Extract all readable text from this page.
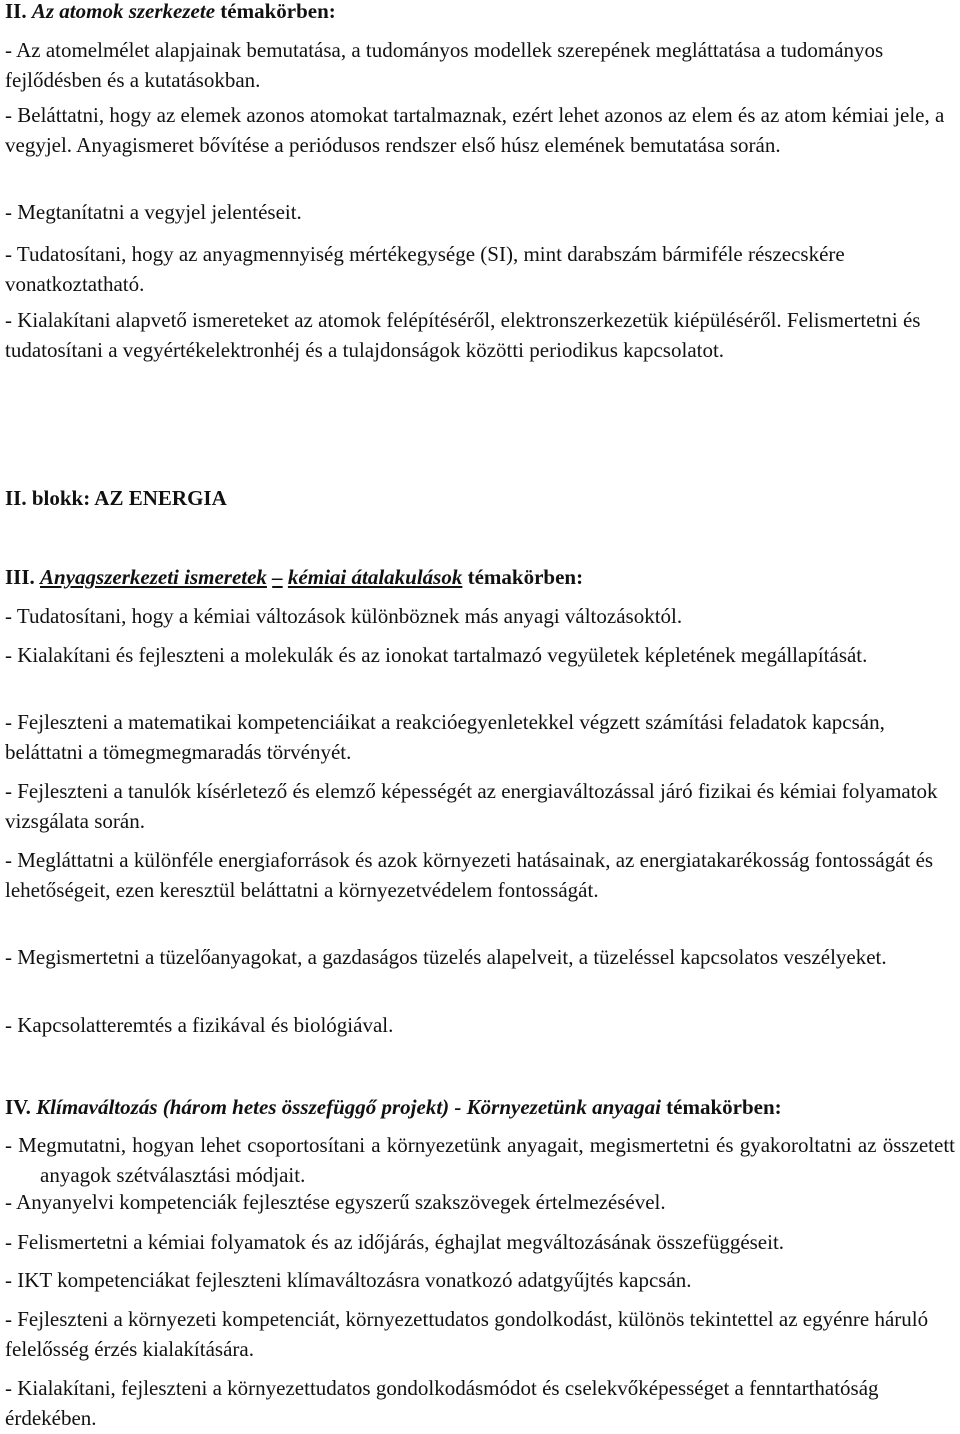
II. Az atomok szerkezete témakörben:

- Az atomelmélet alapjainak bemutatása, a tudományos modellek szerepének megláttatása a tudományos fejlődésben és a kutatásokban.

- Beláttatni, hogy az elemek azonos atomokat tartalmaznak, ezért lehet azonos az elem és az atom kémiai jele, a vegyjel. Anyagismeret bővítése a periódusos rendszer első húsz elemének bemutatása során.

- Megtanítatni a vegyjel jelentéseit.

- Tudatosítani, hogy az anyagmennyiség mértékegysége (SI), mint darabszám bármiféle részecskére vonatkoztatható.

- Kialakítani alapvető ismereteket az atomok felépítéséről, elektronszerkezetük kiépüléséről. Felismertetni és tudatosítani a vegyértékelektronhéj és a tulajdonságok közötti periodikus kapcsolatot.

II. blokk: AZ ENERGIA

III. Anyagszerkezeti ismeretek – kémiai átalakulások témakörben:

- Tudatosítani, hogy a kémiai változások különböznek más anyagi változásoktól.

- Kialakítani és fejleszteni a molekulák és az ionokat tartalmazó vegyületek képletének megállapítását.

- Fejleszteni a matematikai kompetenciáikat a reakcióegyenletekkel végzett számítási feladatok kapcsán, beláttatni a tömegmegmaradás törvényét.

- Fejleszteni a tanulók kísérletező és elemző képességét az energiaváltozással járó fizikai és kémiai folyamatok vizsgálata során.

- Megláttatni a különféle energiaforrások és azok környezeti hatásainak, az energiatakarékosság fontosságát és lehetőségeit, ezen keresztül beláttatni a környezetvédelem fontosságát.

- Megismertetni a tüzelőanyagokat, a gazdaságos tüzelés alapelveit, a tüzeléssel kapcsolatos veszélyeket.

- Kapcsolatteremtés a fizikával és biológiával.

IV. Klímaváltozás (három hetes összefüggő projekt) - Környezetünk anyagai témakörben:

- Megmutatni, hogyan lehet csoportosítani a környezetünk anyagait, megismertetni és gyakoroltatni az összetett anyagok szétválasztási módjait.

- Anyanyelvi kompetenciák fejlesztése egyszerű szakszövegek értelmezésével.

- Felismertetni a kémiai folyamatok és az időjárás, éghajlat megváltozásának összefüggéseit.

- IKT kompetenciákat fejleszteni klímaváltozásra vonatkozó adatgyűjtés kapcsán.

- Fejleszteni a környezeti kompetenciát, környezettudatos gondolkodást, különös tekintettel az egyénre háruló felelősség érzés kialakítására.

- Kialakítani, fejleszteni a környezettudatos gondolkodásmódot és cselekvőképességet a fenntarthatóság érdekében.
